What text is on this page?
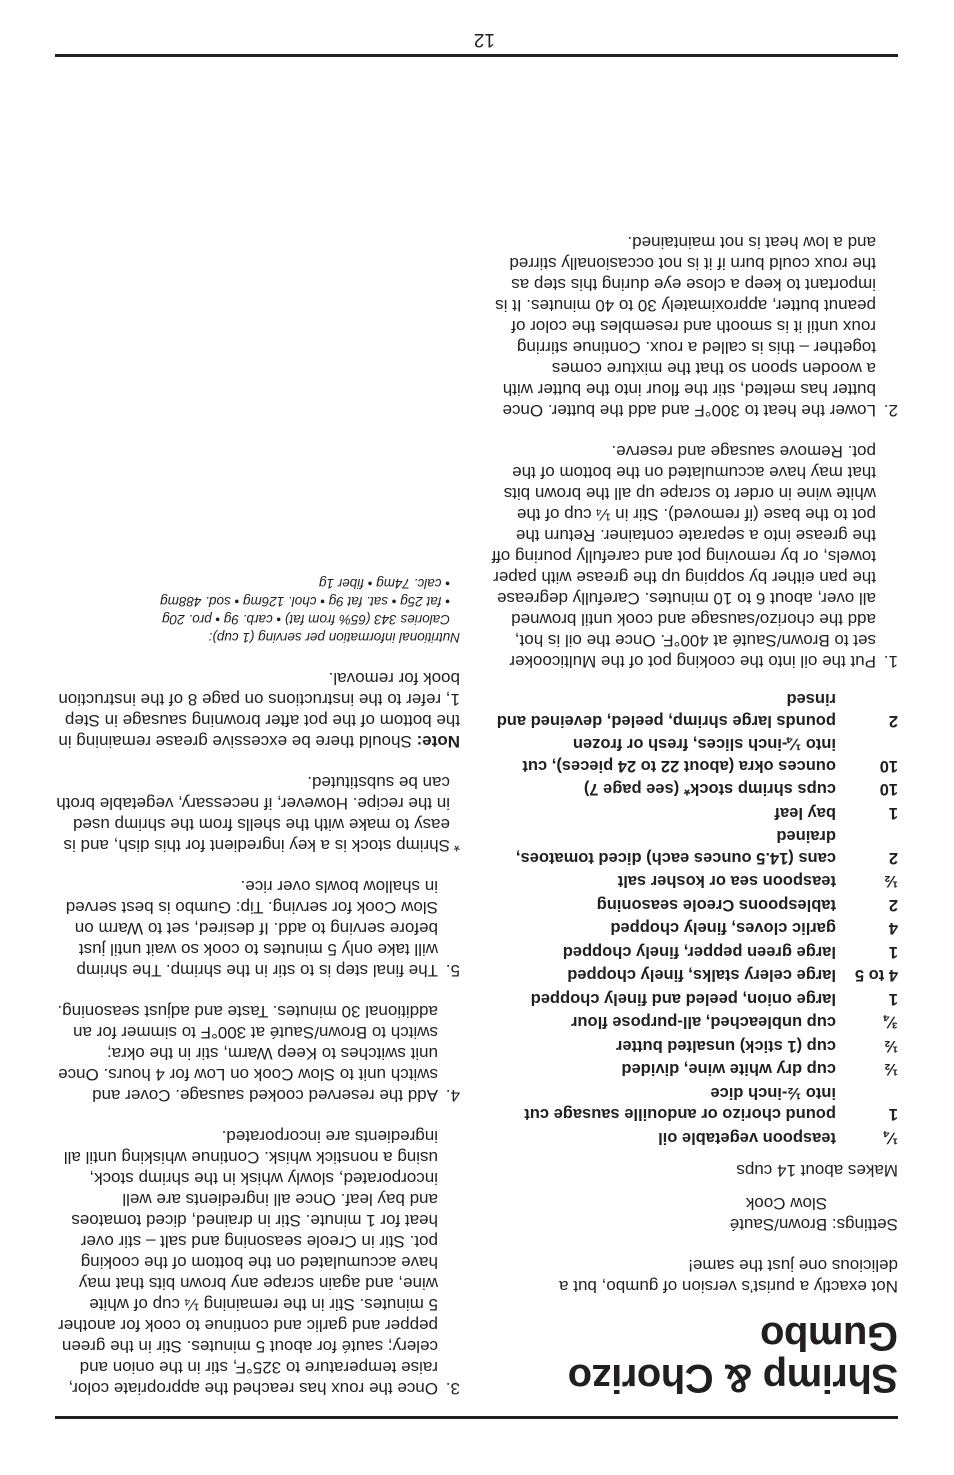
Shrimp & Chorizo Gumbo

Not exactly a purist’s version of gumbo, but a delicious one just the same!

Settings:

Brown/Sauté
Slow Cook

Makes about 14 cups

¼	teaspoon vegetable oil
1	pound chorizo or andouille sausage cut into ½-inch dice
½	cup dry white wine, divided
½	cup (1 stick) unsalted butter
¾	cup unbleached, all-purpose flour
1	large onion, peeled and finely chopped
4 to 5	large celery stalks, finely chopped
1	large green pepper, finely chopped
4	garlic cloves, finely chopped
2	tablespoons Creole seasoning
½	teaspoon sea or kosher salt
2	cans (14.5 ounces each) diced tomatoes, drained
1	bay leaf
10	cups shrimp stock* (see page 7)
10	ounces okra (about 22 to 24 pieces), cut into ¼-inch slices, fresh or frozen
2	pounds large shrimp, peeled, deveined and rinsed
1.
Put the oil into the cooking pot of the Multicooker set to Brown/Sauté at 400°F. Once the oil is hot, add the chorizo/sausage and cook until browned all over, about 6 to 10 minutes. Carefully degrease the pan either by sopping up the grease with paper towels, or by removing pot and carefully pouring off the grease into a separate container. Return the pot to the base (if removed). Stir in ¼ cup of the white wine in order to scrape up all the brown bits that may have accumulated on the bottom of the pot. Remove sausage and reserve.
2.
Lower the heat to 300°F and add the butter. Once butter has melted, stir the flour into the butter with a wooden spoon so that the mixture comes together – this is called a roux. Continue stirring roux until it is smooth and resembles the color of peanut butter, approximately 30 to 40 minutes. It is important to keep a close eye during this step as the roux could burn if it is not occasionally stirred and a low heat is not maintained.
3.
Once the roux has reached the appropriate color, raise temperature to 325°F, stir in the onion and celery; sauté for about 5 minutes. Stir in the green pepper and garlic and continue to cook for another 5 minutes. Stir in the remaining ¼ cup of white wine, and again scrape any brown bits that may have accumulated on the bottom of the cooking pot. Stir in Creole seasoning and salt – stir over heat for 1 minute. Stir in drained, diced tomatoes and bay leaf. Once all ingredients are well incorporated, slowly whisk in the shrimp stock, using a nonstick whisk. Continue whisking until all ingredients are incorporated.
4.
Add the reserved cooked sausage. Cover and switch unit to Slow Cook on Low for 4 hours. Once unit switches to Keep Warm, stir in the okra; switch to Brown/Sauté at 300°F to simmer for an additional 30 minutes. Taste and adjust seasoning.
5.
The final step is to stir in the shrimp. The shrimp will take only 5 minutes to cook so wait until just before serving to add. If desired, set to Warm on Slow Cook for serving. Tip: Gumbo is best served in shallow bowls over rice.
*
Shrimp stock is a key ingredient for this dish, and is easy to make with the shells from the shrimp used in the recipe. However, if necessary, vegetable broth can be substituted.

Note: Should there be excessive grease remaining in the bottom of the pot after browning sausage in Step 1, refer to the instructions on page 8 of the instruction book for removal.

Nutritional information per serving (1 cup):
Calories 343 (65% from fat) • carb. 9g • pro. 20g
• fat 25g • sat. fat 9g • chol. 126mg • sod. 488mg
• calc. 74mg • fiber 1g
12
